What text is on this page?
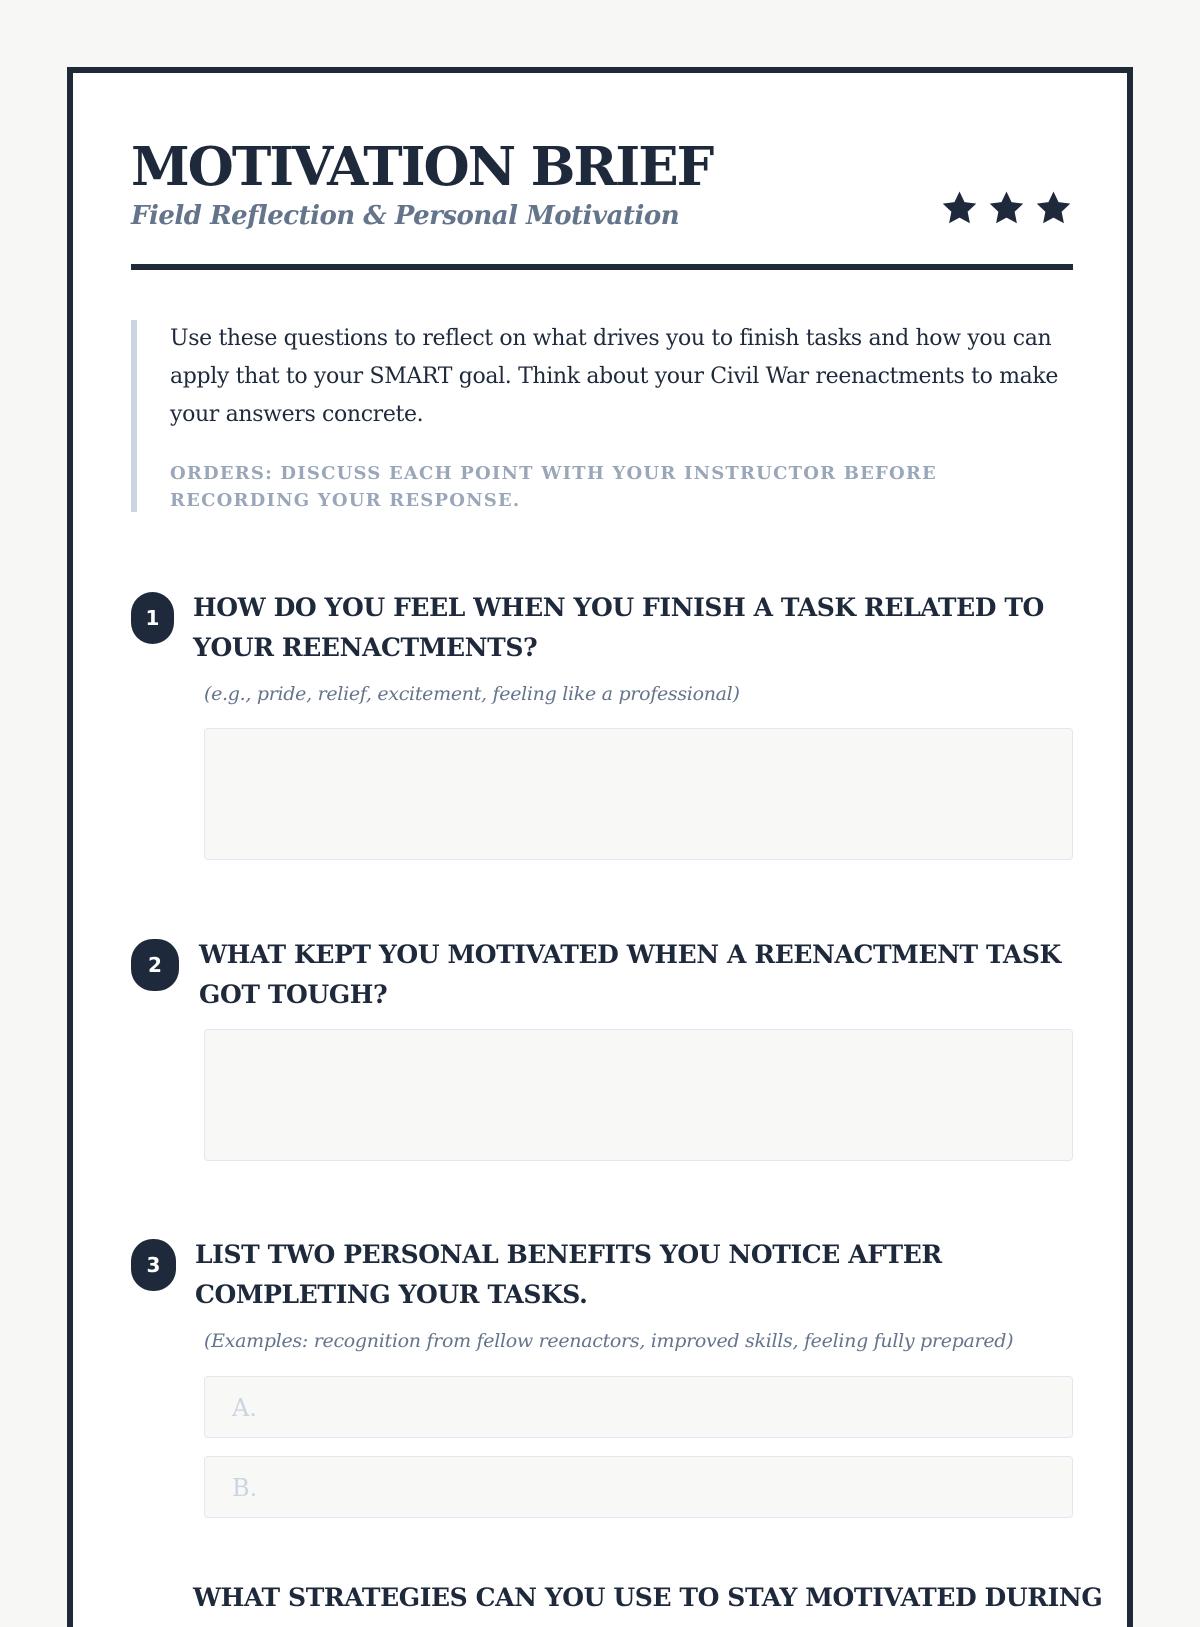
MOTIVATION BRIEF

Field Reflection & Personal Motivation

Use these questions to reflect on what drives you to finish tasks and how you can apply that to your SMART goal. Think about your Civil War reenactments to make your answers concrete.

ORDERS: DISCUSS EACH POINT WITH YOUR INSTRUCTOR BEFORE RECORDING YOUR RESPONSE.

1	HOW DO YOU FEEL WHEN YOU FINISH A TASK RELATED TO YOUR REENACTMENTS?

(e.g., pride, relief, excitement, feeling like a professional)

2	WHAT KEPT YOU MOTIVATED WHEN A REENACTMENT TASK GOT TOUGH?

3	LIST TWO PERSONAL BENEFITS YOU NOTICE AFTER COMPLETING YOUR TASKS.

(Examples: recognition from fellow reenactors, improved skills, feeling fully prepared)

A.
B.

WHAT STRATEGIES CAN YOU USE TO STAY MOTIVATED DURING
